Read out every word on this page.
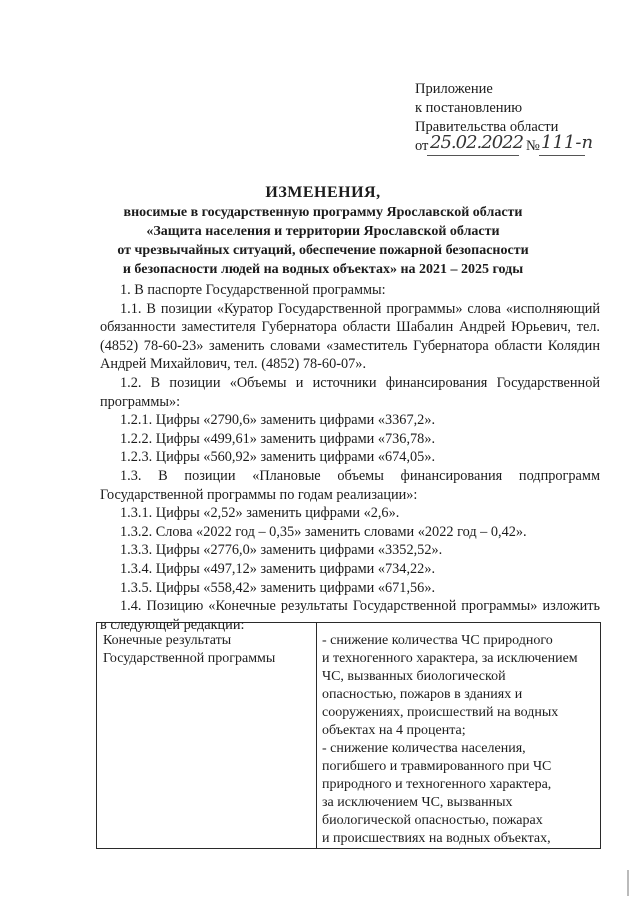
Приложение
к постановлению
Правительства области
от 25.02.2022 № 111-п
ИЗМЕНЕНИЯ,
вносимые в государственную программу Ярославской области
«Защита населения и территории Ярославской области
от чрезвычайных ситуаций, обеспечение пожарной безопасности
и безопасности людей на водных объектах» на 2021 – 2025 годы

1. В паспорте Государственной программы:

1.1. В позиции «Куратор Государственной программы» слова «исполняющий обязанности заместителя Губернатора области Шабалин Андрей Юрьевич, тел. (4852) 78-60-23» заменить словами «заместитель Губернатора области Колядин Андрей Михайлович, тел. (4852) 78-60-07».

1.2. В позиции «Объемы и источники финансирования Государственной программы»:

1.2.1. Цифры «2790,6» заменить цифрами «3367,2».

1.2.2. Цифры «499,61» заменить цифрами «736,78».

1.2.3. Цифры «560,92» заменить цифрами «674,05».

1.3. В позиции «Плановые объемы финансирования подпрограмм Государственной программы по годам реализации»:

1.3.1. Цифры «2,52» заменить цифрами «2,6».

1.3.2. Слова «2022 год – 0,35» заменить словами «2022 год – 0,42».

1.3.3. Цифры «2776,0» заменить цифрами «3352,52».

1.3.4. Цифры «497,12» заменить цифрами «734,22».

1.3.5. Цифры «558,42» заменить цифрами «671,56».

1.4. Позицию «Конечные результаты Государственной программы» изложить в следующей редакции:

Конечные результаты
Государственной программы

- снижение количества ЧС природного
и техногенного характера, за исключением
ЧС, вызванных биологической
опасностью, пожаров в зданиях и
сооружениях, происшествий на водных
объектах на 4 процента;
- снижение количества населения,
погибшего и травмированного при ЧС
природного и техногенного характера,
за исключением ЧС, вызванных
биологической опасностью, пожарах
и происшествиях на водных объектах,
